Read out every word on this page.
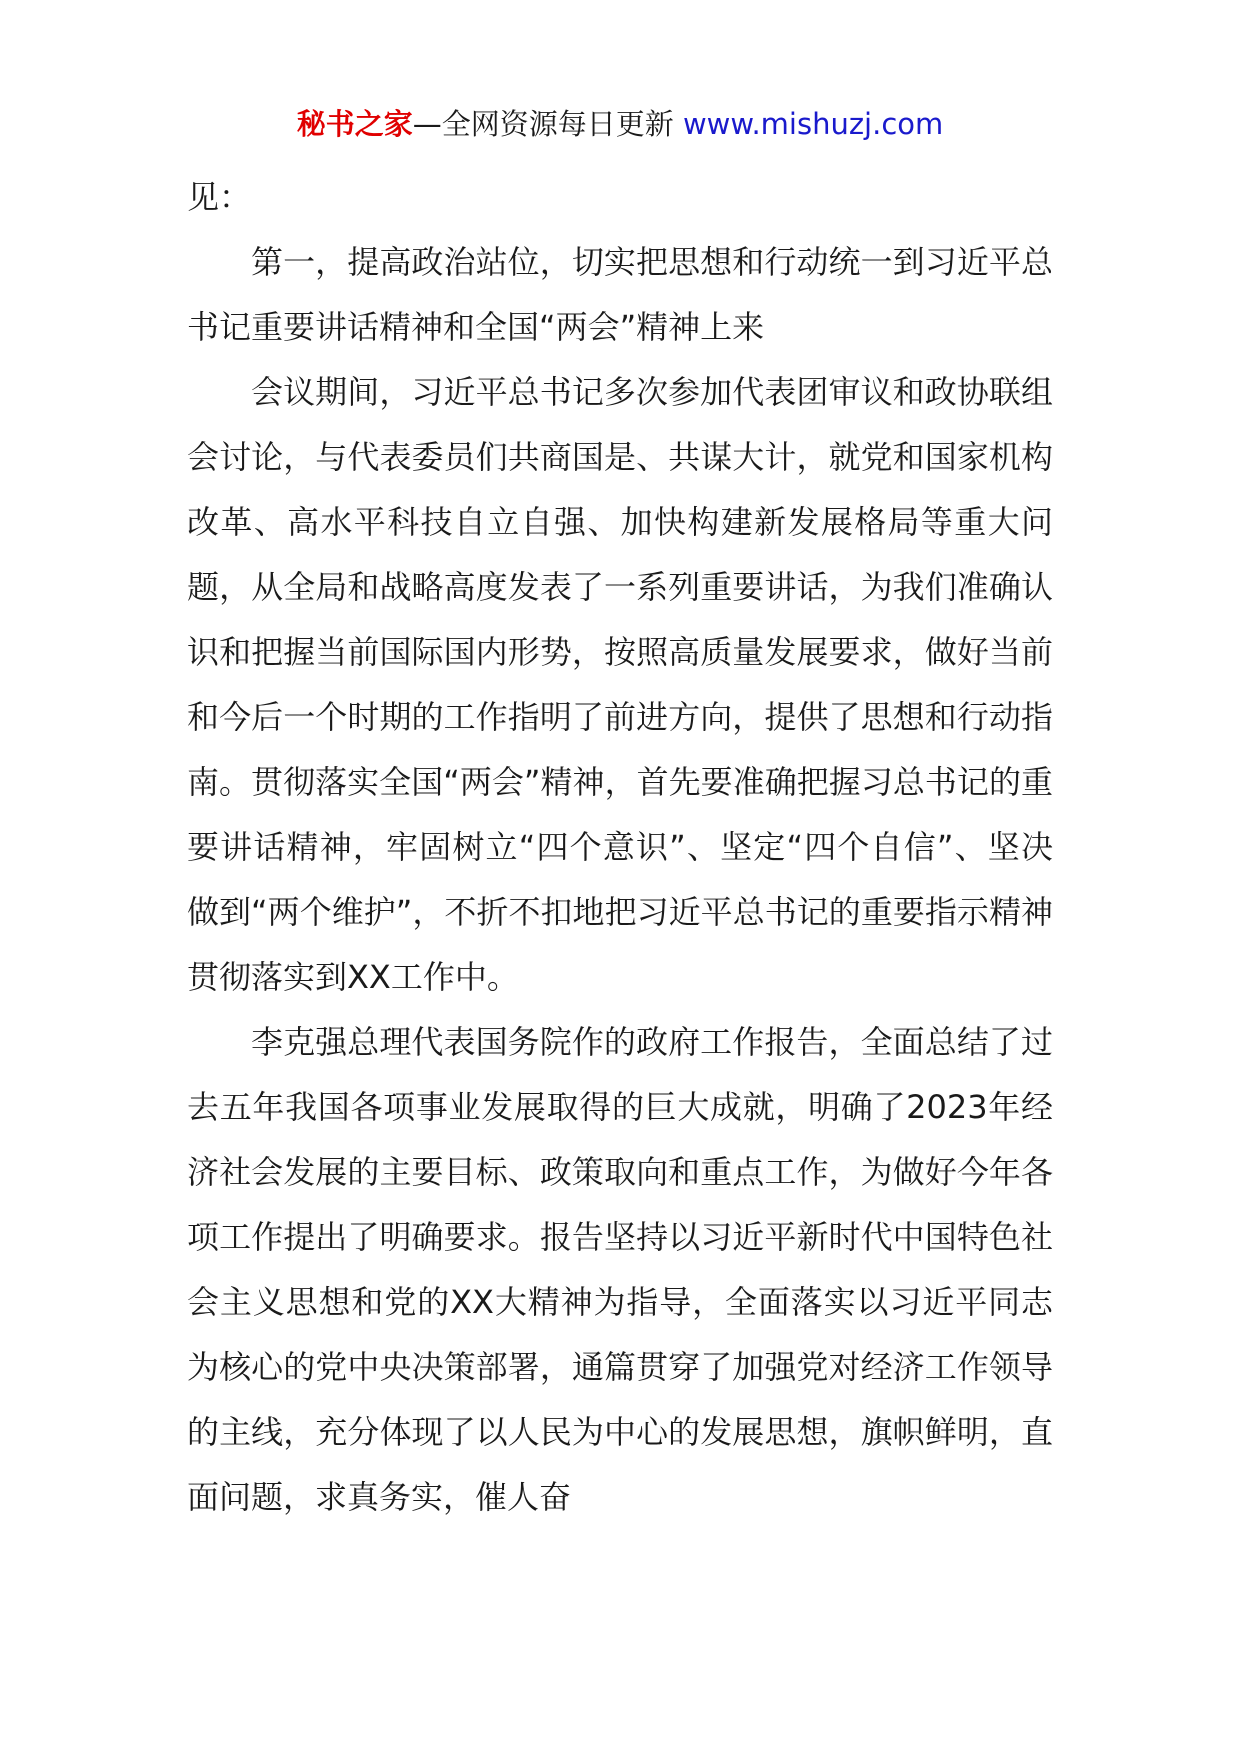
秘书之家—全网资源每日更新 www.mishuzj.com

见：

第一，提高政治站位，切实把思想和行动统一到习近平总书记重要讲话精神和全国“两会”精神上来

会议期间，习近平总书记多次参加代表团审议和政协联组会讨论，与代表委员们共商国是、共谋大计，就党和国家机构改革、高水平科技自立自强、加快构建新发展格局等重大问题，从全局和战略高度发表了一系列重要讲话，为我们准确认识和把握当前国际国内形势，按照高质量发展要求，做好当前和今后一个时期的工作指明了前进方向，提供了思想和行动指南。贯彻落实全国“两会”精神，首先要准确把握习总书记的重要讲话精神，牢固树立“四个意识”、坚定“四个自信”、坚决做到“两个维护”，不折不扣地把习近平总书记的重要指示精神贯彻落实到XX工作中。

李克强总理代表国务院作的政府工作报告，全面总结了过去五年我国各项事业发展取得的巨大成就，明确了2023年经济社会发展的主要目标、政策取向和重点工作，为做好今年各项工作提出了明确要求。报告坚持以习近平新时代中国特色社会主义思想和党的XX大精神为指导，全面落实以习近平同志为核心的党中央决策部署，通篇贯穿了加强党对经济工作领导的主线，充分体现了以人民为中心的发展思想，旗帜鲜明，直面问题，求真务实，催人奋
